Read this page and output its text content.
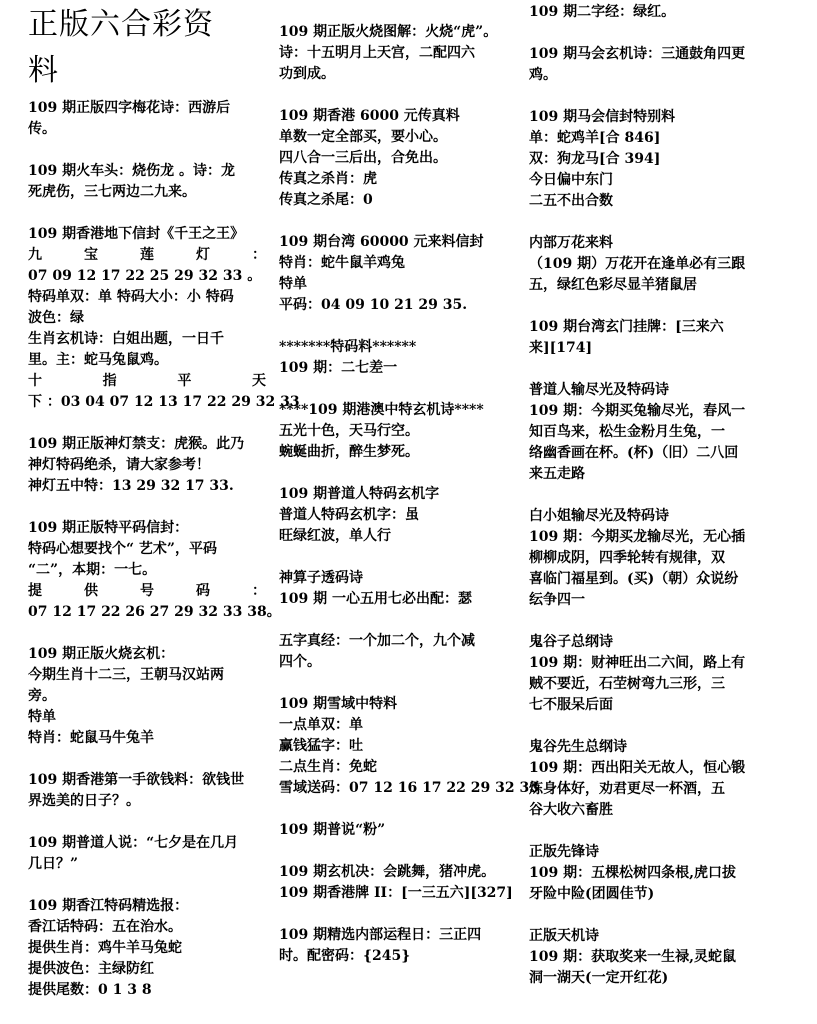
正版六合彩资
料
109 期正版四字梅花诗：西游后
传。
109 期火车头：烧伤龙 。诗：龙
死虎伤，三七两边二九来。
109 期香港地下信封《千王之王》
九	宝	莲	灯	：
07 09 12 17 22 25 29 32 33 。
特码单双：单 特码大小：小 特码
波色：绿
生肖玄机诗：白姐出题，一日千
里。主：蛇马兔鼠鸡。
十	指	平	天
下 ：03 04 07 12 13 17 22 29 32 33
109 期正版神灯禁支：虎猴。此乃
神灯特码绝杀，请大家参考！
神灯五中特：13 29 32 17 33.
109 期正版特平码信封：
特码心想要找个“ 艺术”，平码
“二”，本期：一七。
提	供	号	码	：
07 12 17 22 26 27 29 32 33 38。
109 期正版火烧玄机：
今期生肖十二三，王朝马汉站两
旁。
特单
特肖：蛇鼠马牛兔羊
109 期香港第一手欲钱料：欲钱世
界选美的日子？。
109 期普道人说：“七夕是在几月
几日？”
109 期香江特码精选报：
香江话特码：五在治水。
提供生肖：鸡牛羊马兔蛇
提供波色：主绿防红
提供尾数：0 1 3 8
109 期正版火烧图解：火烧“虎”。
诗：十五明月上天宫，二配四六
功到成。
109 期香港 6000 元传真料
单数一定全部买，要小心。
四八合一三后出，合免出。
传真之杀肖：虎
传真之杀尾：0
109 期台湾 60000 元来料信封
特肖：蛇牛鼠羊鸡兔
特单
平码：04 09 10 21 29 35.
*******特码料******
109 期：二七差一
****109 期港澳中特玄机诗****
五光十色，天马行空。
蜿蜒曲折，醉生梦死。
109 期普道人特码玄机字
普道人特码玄机字：虽
旺绿红波，单人行
神算子透码诗
109 期 一心五用七必出配：瑟
五字真经：一个加二个，九个减
四个。
109 期雪域中特料
一点单双：单
赢钱猛字：吐
二点生肖：免蛇
雪域送码：07 12 16 17 22 29 32 33
109 期普说“粉”
109 期玄机决：会跳舞，猪冲虎。
109 期香港牌 II：[一三五六][327]
109 期精选内部运程日：三正四
时。配密码：{245}
109 期二字经：绿红。
109 期马会玄机诗：三通鼓角四更
鸡。
109 期马会信封特别料
单：蛇鸡羊[合 846]
双：狗龙马[合 394]
今日偏中东门
二五不出合数
内部万花来料
（109 期）万花开在逢单必有三跟
五，绿红色彩尽显羊猪鼠居
109 期台湾玄门挂牌：[三来六
来][174]
普道人输尽光及特码诗
109 期：今期买兔输尽光，春风一
知百鸟来，松生金粉月生兔，一
络幽香画在杯。(杯)（旧）二八回
来五走路
白小姐输尽光及特码诗
109 期：今期买龙输尽光，无心插
柳柳成阴，四季轮转有规律，双
喜临门福星到。(买)（朝）众说纷
纭争四一
鬼谷子总纲诗
109 期：财神旺出二六间，路上有
贼不要近，石茔树弯九三形，三
七不服呆后面
鬼谷先生总纲诗
109 期：西出阳关无故人，恒心锻
炼身体好，劝君更尽一杯酒，五
谷大收六畜胜
正版先锋诗
109 期：五棵松树四条根,虎口拔
牙险中险(团圆佳节)
正版天机诗
109 期：获取奖来一生禄,灵蛇鼠
洞一湖天(一定开红花)
